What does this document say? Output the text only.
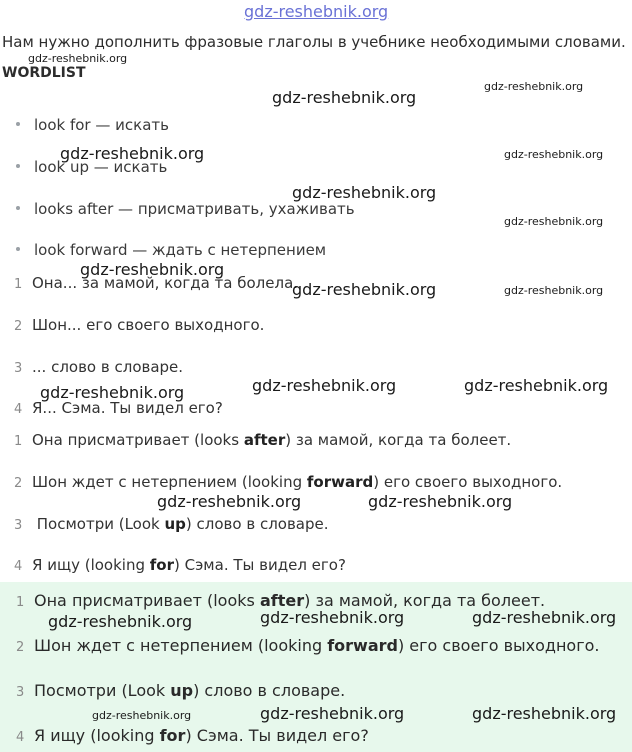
gdz-reshebnik.org
Нам нужно дополнить фразовые глаголы в учебнике необходимыми словами.
WORDLIST
look for — искать
look up — искать
looks after — присматривать, ухаживать
look forward — ждать с нетерпением
1 Она... за мамой, когда та болела.
2 Шон... его своего выходного.
3 ... слово в словаре.
4 Я... Сэма. Ты видел его?
1 Она присматривает (looks after) за мамой, когда та болеет.
2 Шон ждет с нетерпением (looking forward) его своего выходного.
3 Посмотри (Look up) слово в словаре.
4 Я ищу (looking for) Сэма. Ты видел его?
1 Она присматривает (looks after) за мамой, когда та болеет.
2 Шон ждет с нетерпением (looking forward) его своего выходного.
3 Посмотри (Look up) слово в словаре.
4 Я ищу (looking for) Сэма. Ты видел его?
gdz-reshebnik.org
gdz-reshebnik.org
gdz-reshebnik.org
gdz-reshebnik.org	gdz-reshebnik.org
gdz-reshebnik.org
gdz-reshebnik.org
gdz-reshebnik.org
gdz-reshebnik.org	gdz-reshebnik.org
gdz-reshebnik.org	gdz-reshebnik.org	gdz-reshebnik.org
gdz-reshebnik.org	gdz-reshebnik.org
gdz-reshebnik.org	gdz-reshebnik.org	gdz-reshebnik.org
gdz-reshebnik.org	gdz-reshebnik.org	gdz-reshebnik.org
